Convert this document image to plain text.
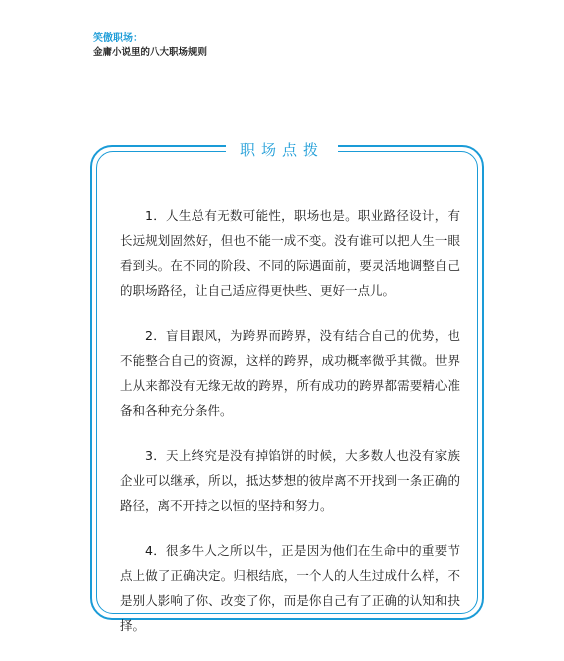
笑傲职场：
金庸小说里的八大职场规则
职场点拨

1．人生总有无数可能性，职场也是。职业路径设计，有长远规划固然好，但也不能一成不变。没有谁可以把人生一眼看到头。在不同的阶段、不同的际遇面前，要灵活地调整自己的职场路径，让自己适应得更快些、更好一点儿。

2．盲目跟风，为跨界而跨界，没有结合自己的优势，也不能整合自己的资源，这样的跨界，成功概率微乎其微。世界上从来都没有无缘无故的跨界，所有成功的跨界都需要精心准备和各种充分条件。

3．天上终究是没有掉馅饼的时候，大多数人也没有家族企业可以继承，所以，抵达梦想的彼岸离不开找到一条正确的路径，离不开持之以恒的坚持和努力。

4．很多牛人之所以牛，正是因为他们在生命中的重要节点上做了正确决定。归根结底，一个人的人生过成什么样，不是别人影响了你、改变了你，而是你自己有了正确的认知和抉择。
